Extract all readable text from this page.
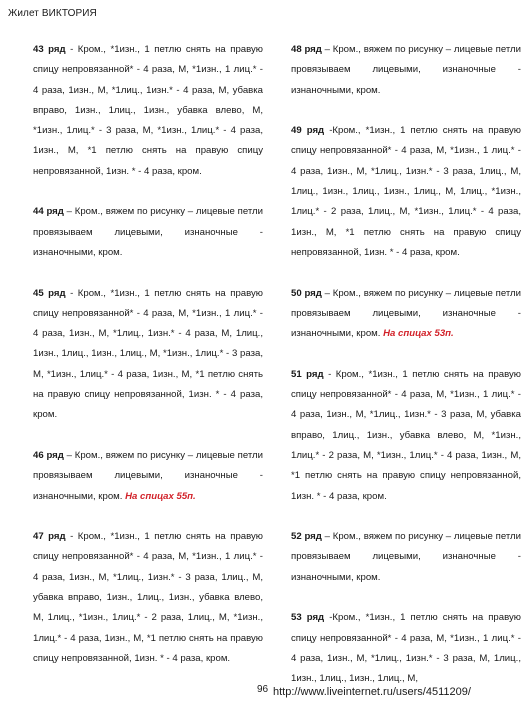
Жилет ВИКТОРИЯ

43 ряд - Кром., *1изн., 1 петлю снять на правую спицу непровязанной* - 4 раза, М, *1изн., 1 лиц.* - 4 раза, 1изн., М, *1лиц., 1изн.* - 4 раза, М, убавка вправо, 1изн., 1лиц., 1изн., убавка влево, М, *1изн., 1лиц.* - 3 раза, М, *1изн., 1лиц.* - 4 раза, 1изн., М, *1 петлю снять на правую спицу непровязанной, 1изн. * - 4 раза, кром.

44 ряд – Кром., вяжем по рисунку – лицевые петли провязываем лицевыми, изнаночные - изнаночными, кром.

45 ряд - Кром., *1изн., 1 петлю снять на правую спицу непровязанной* - 4 раза, М, *1изн., 1 лиц.* - 4 раза, 1изн., М, *1лиц., 1изн.* - 4 раза, М, 1лиц., 1изн., 1лиц., 1изн., 1лиц., М, *1изн., 1лиц.* - 3 раза, М, *1изн., 1лиц.* - 4 раза, 1изн., М, *1 петлю снять на правую спицу непровязанной, 1изн. * - 4 раза, кром.

46 ряд – Кром., вяжем по рисунку – лицевые петли провязываем лицевыми, изнаночные - изнаночными, кром. На спицах 55п.

47 ряд - Кром., *1изн., 1 петлю снять на правую спицу непровязанной* - 4 раза, М, *1изн., 1 лиц.* - 4 раза, 1изн., М, *1лиц., 1изн.* - 3 раза, 1лиц., М, убавка вправо, 1изн., 1лиц., 1изн., убавка влево, М, 1лиц., *1изн., 1лиц.* - 2 раза, 1лиц., М, *1изн., 1лиц.* - 4 раза, 1изн., М, *1 петлю снять на правую спицу непровязанной, 1изн. * - 4 раза, кром.

48 ряд – Кром., вяжем по рисунку – лицевые петли провязываем лицевыми, изнаночные - изнаночными, кром.

49 ряд -Кром., *1изн., 1 петлю снять на правую спицу непровязанной* - 4 раза, М, *1изн., 1 лиц.* - 4 раза, 1изн., М, *1лиц., 1изн.* - 3 раза, 1лиц., М, 1лиц., 1изн., 1лиц., 1изн., 1лиц., М, 1лиц., *1изн., 1лиц.* - 2 раза, 1лиц., М, *1изн., 1лиц.* - 4 раза, 1изн., М, *1 петлю снять на правую спицу непровязанной, 1изн. * - 4 раза, кром.

50 ряд – Кром., вяжем по рисунку – лицевые петли провязываем лицевыми, изнаночные - изнаночными, кром. На спицах 53п.

51 ряд - Кром., *1изн., 1 петлю снять на правую спицу непровязанной* - 4 раза, М, *1изн., 1 лиц.* - 4 раза, 1изн., М, *1лиц., 1изн.* - 3 раза, М, убавка вправо, 1лиц., 1изн., убавка влево, М, *1изн., 1лиц.* - 2 раза, М, *1изн., 1лиц.* - 4 раза, 1изн., М, *1 петлю снять на правую спицу непровязанной, 1изн. * - 4 раза, кром.

52 ряд – Кром., вяжем по рисунку – лицевые петли провязываем лицевыми, изнаночные - изнаночными, кром.

53 ряд -Кром., *1изн., 1 петлю снять на правую спицу непровязанной* - 4 раза, М, *1изн., 1 лиц.* - 4 раза, 1изн., М, *1лиц., 1изн.* - 3 раза, М, 1лиц., 1изн., 1лиц., 1изн., 1лиц., М,

96 http://www.liveinternet.ru/users/4511209/
